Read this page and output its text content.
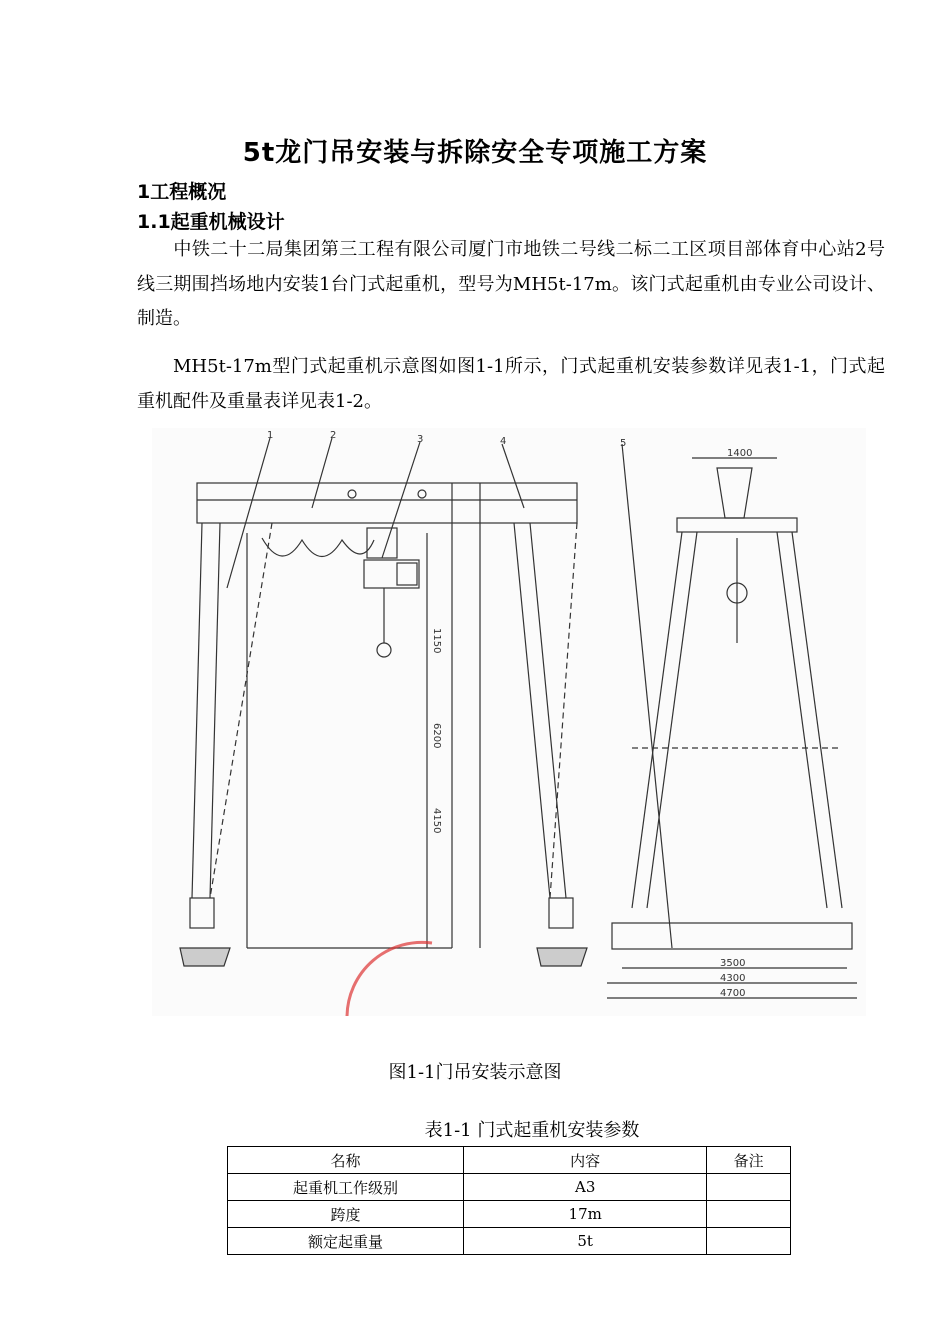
5t龙门吊安装与拆除安全专项施工方案
1工程概况
1.1起重机械设计
中铁二十二局集团第三工程有限公司厦门市地铁二号线二标二工区项目部体育中心站2号线三期围挡场地内安装1台门式起重机，型号为MH5t-17m。该门式起重机由专业公司设计、制造。
MH5t-17m型门式起重机示意图如图1-1所示，门式起重机安装参数详见表1-1，门式起重机配件及重量表详见表1-2。
1	2	3	4	5
1150
6200
4150
1400
3500
4300
4700
图1-1门吊安装示意图
表1-1 门式起重机安装参数
名称	内容	备注
起重机工作级别	A3	
跨度	17m	
额定起重量	5t	
